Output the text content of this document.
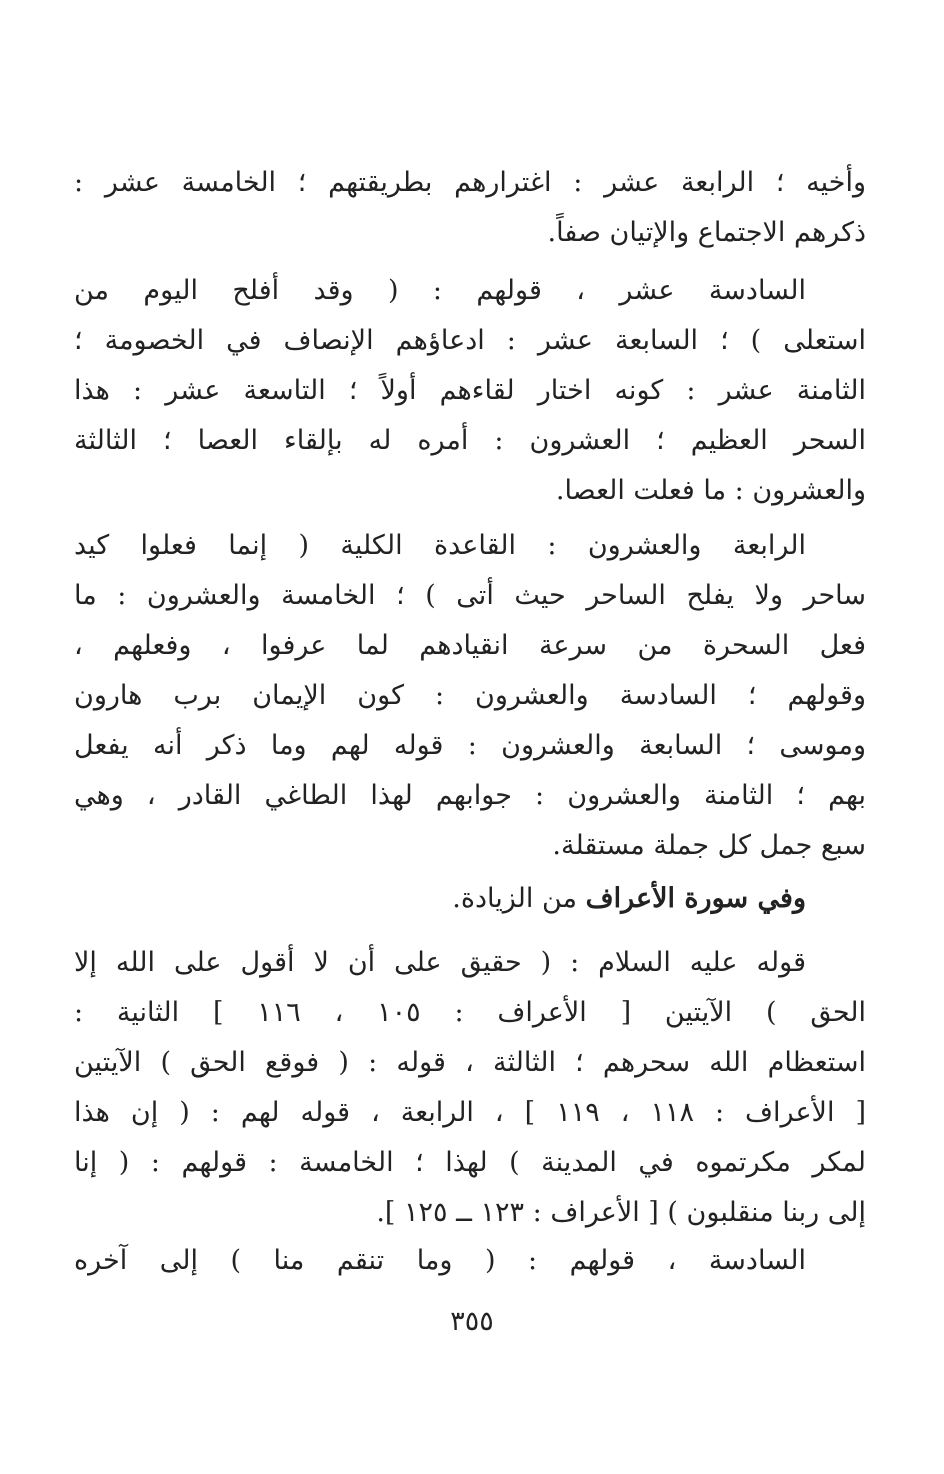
وأخيه ؛ الرابعة عشر : اغترارهم بطريقتهم ؛ الخامسة عشر :
ذكرهم الاجتماع والإتيان صفاً.
السادسة عشر ، قولهم : ( وقد أفلح اليوم من
استعلى ) ؛ السابعة عشر : ادعاؤهم الإنصاف في الخصومة ؛
الثامنة عشر : كونه اختار لقاءهم أولاً ؛ التاسعة عشر : هذا
السحر العظيم ؛ العشرون : أمره له بإلقاء العصا ؛ الثالثة
والعشرون : ما فعلت العصا.
الرابعة والعشرون : القاعدة الكلية ( إنما فعلوا كيد
ساحر ولا يفلح الساحر حيث أتى ) ؛ الخامسة والعشرون : ما
فعل السحرة من سرعة انقيادهم لما عرفوا ، وفعلهم ،
وقولهم ؛ السادسة والعشرون : كون الإيمان برب هارون
وموسى ؛ السابعة والعشرون : قوله لهم وما ذكر أنه يفعل
بهم ؛ الثامنة والعشرون : جوابهم لهذا الطاغي القادر ، وهي
سبع جمل كل جملة مستقلة.
وفي سورة الأعراف من الزيادة.
قوله عليه السلام : ( حقيق على أن لا أقول على الله إلا
الحق ) الآيتين [ الأعراف : ١٠٥ ، ١١٦ ] الثانية :
استعظام الله سحرهم ؛ الثالثة ، قوله : ( فوقع الحق ) الآيتين
[ الأعراف : ١١٨ ، ١١٩ ] ، الرابعة ، قوله لهم : ( إن هذا
لمكر مكرتموه في المدينة ) لهذا ؛ الخامسة : قولهم : ( إنا
إلى ربنا منقلبون ) [ الأعراف : ١٢٣ ــ ١٢٥ ].
السادسة ، قولهم : ( وما تنقم منا ) إلى آخره
٣٥٥
